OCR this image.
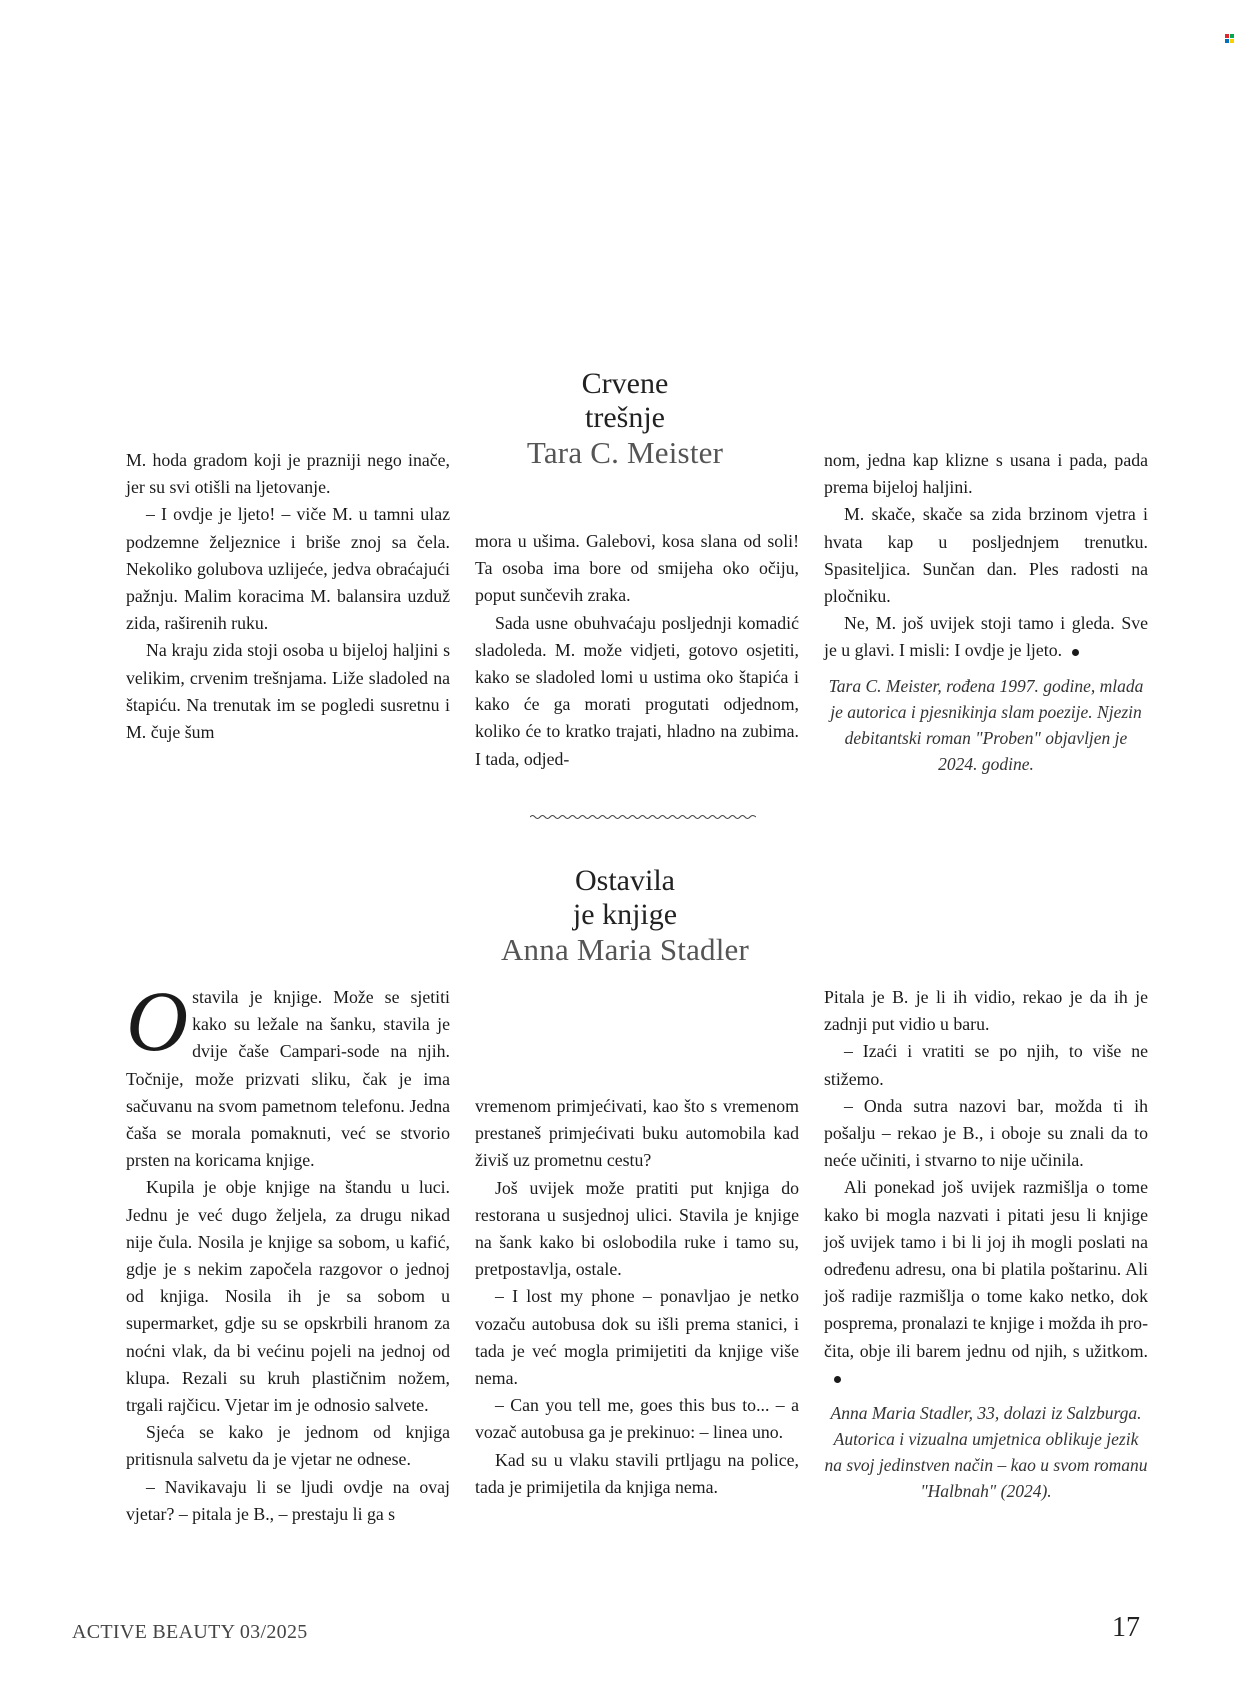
Crvene
trešnje
Tara C. Meister

M. hoda gradom koji je prazniji nego inače, jer su svi otišli na ljetovanje.

– I ovdje je ljeto! – viče M. u tamni ulaz podzemne željeznice i briše znoj sa čela. Nekoliko golubova uzlijeće, jedva obraćajući pažnju. Malim koracima M. balansira uzduž zida, raširenih ruku.

Na kraju zida stoji osoba u bijeloj haljini s velikim, crvenim trešnjama. Liže sladoled na štapiću. Na trenutak im se pogledi susretnu i M. čuje šum

mora u ušima. Galebovi, kosa slana od soli! Ta osoba ima bore od smijeha oko očiju, poput sunčevih zraka.

Sada usne obuhvaćaju posljednji komadić sladoleda. M. može vidjeti, gotovo osjetiti, kako se sladoled lomi u ustima oko štapića i kako će ga morati progutati odjednom, koliko će to kratko trajati, hladno na zubima. I tada, odjed-

nom, jedna kap klizne s usana i pada, pada prema bijeloj haljini.

M. skače, skače sa zida brzinom vjetra i hvata kap u posljednjem trenutku. Spasiteljica. Sunčan dan. Ples radosti na pločniku.

Ne, M. još uvijek stoji tamo i gleda. Sve je u glavi. I misli: I ovdje je ljeto.

Tara C. Meister, rođena 1997. godine, mlada je autorica i pjesnikinja slam poezije. Njezin debitantski roman "Proben" objavljen je 2024. godine.

Ostavila
je knjige
Anna Maria Stadler

Ostavila je knjige. Može se sjetiti kako su ležale na šanku, stavila je dvije čaše Campari-sode na njih. Točnije, može prizvati sliku, čak je ima sačuvanu na svom pametnom telefonu. Jedna čaša se morala pomaknuti, već se stvorio prsten na koricama knjige.

Kupila je obje knjige na štandu u luci. Jednu je već dugo željela, za drugu nikad nije čula. Nosila je knjige sa sobom, u kafić, gdje je s nekim započela razgovor o jednoj od knjiga. Nosila ih je sa sobom u supermarket, gdje su se opskrbili hranom za noćni vlak, da bi većinu pojeli na jednoj od klupa. Rezali su kruh plastičnim nožem, trgali rajčicu. Vjetar im je odnosio salvete.

Sjeća se kako je jednom od knjiga pritisnula salvetu da je vjetar ne odnese.

– Navikavaju li se ljudi ovdje na ovaj vjetar? – pitala je B., – prestaju li ga s

vremenom primjećivati, kao što s vremenom prestaneš primjećivati buku automobila kad živiš uz prometnu cestu?

Još uvijek može pratiti put knjiga do restorana u susjednoj ulici. Stavila je knjige na šank kako bi oslobodila ruke i tamo su, pretpostavlja, ostale.

– I lost my phone – ponavljao je netko vozaču autobusa dok su išli prema stanici, i tada je već mogla primijetiti da knjige više nema.

– Can you tell me, goes this bus to... – a vozač autobusa ga je prekinuo: – linea uno.

Kad su u vlaku stavili prtljagu na police, tada je primijetila da knjiga nema.

Pitala je B. je li ih vidio, rekao je da ih je zadnji put vidio u baru.

– Izaći i vratiti se po njih, to više ne stižemo.

– Onda sutra nazovi bar, možda ti ih pošalju – rekao je B., i oboje su znali da to neće učiniti, i stvarno to nije učinila.

Ali ponekad još uvijek razmišlja o tome kako bi mogla nazvati i pitati jesu li knjige još uvijek tamo i bi li joj ih mogli poslati na određenu adresu, ona bi platila poštarinu. Ali još radije razmišlja o tome kako netko, dok posprema, pronalazi te knjige i možda ih pročita, obje ili barem jednu od njih, s užitkom.

Anna Maria Stadler, 33, dolazi iz Salzburga. Autorica i vizualna umjetnica oblikuje jezik na svoj jedinstven način – kao u svom romanu "Halbnah" (2024).

ACTIVE BEAUTY 03/2025	17
